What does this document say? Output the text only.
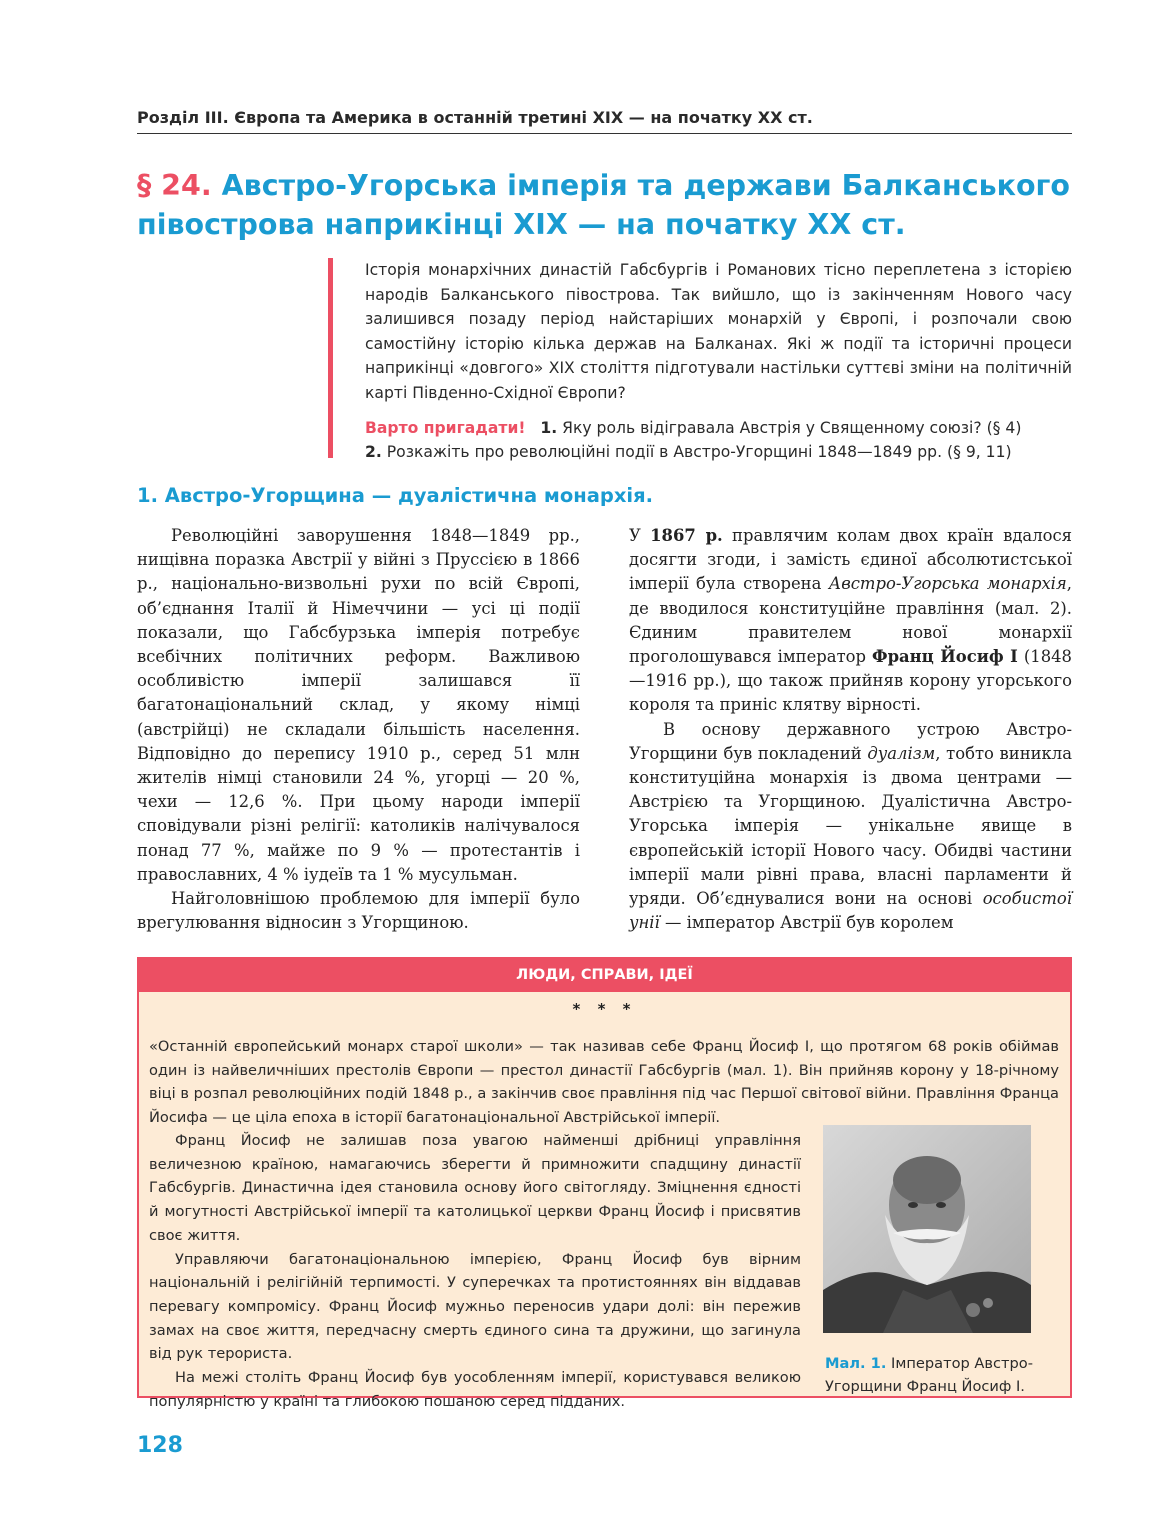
Розділ ІІІ. Європа та Америка в останній третині ХІХ — на початку ХХ ст.
§ 24. Австро-Угорська імперія та держави Балканського
півострова наприкінці ХІХ — на початку ХХ ст.

Історія монархічних династій Габсбургів і Романових тісно переплетена з історією народів Балканського півострова. Так вийшло, що із закінченням Нового часу залишився позаду період найстаріших монархій у Європі, і розпочали свою самостійну історію кілька держав на Балканах. Які ж події та історичні процеси наприкінці «довгого» ХІХ століття підготували настільки суттєві зміни на політичній карті Південно-Східної Європи?

Варто пригадати! 1. Яку роль відігравала Австрія у Священному союзі? (§ 4)
2. Розкажіть про революційні події в Австро-Угорщині 1848—1849 рр. (§ 9, 11)

1. Австро-Угорщина — дуалістична монархія.

Революційні заворушення 1848—1849 рр., нищівна поразка Австрії у війні з Пруссією в 1866 р., національно-визвольні рухи по всій Європі, об’єднання Італії й Німеччини — усі ці події показали, що Габсбурзька імперія потребує всебічних політичних реформ. Важливою особливістю імперії залишався її багатонаціональний склад, у якому німці (австрійці) не складали більшість населення. Відповідно до перепису 1910 р., серед 51 млн жителів німці становили 24 %, угорці — 20 %, чехи — 12,6 %. При цьому народи імперії сповідували різні релігії: католиків налічувалося понад 77 %, майже по 9 % — протестантів і православних, 4 % іудеїв та 1 % мусульман.

Найголовнішою проблемою для імперії було врегулювання відносин з Угорщиною.

У 1867 р. правлячим колам двох країн вдалося досягти згоди, і замість єдиної абсолютистської імперії була створена Австро-Угорська монархія, де вводилося конституційне правління (мал. 2). Єдиним правителем нової монархії проголошувався імператор Франц Йосиф І (1848—1916 рр.), що також прийняв корону угорського короля та приніс клятву вірності.

В основу державного устрою Австро-Угорщини був покладений дуалізм, тобто виникла конституційна монархія із двома центрами — Австрією та Угорщиною. Дуалістична Австро-Угорська імперія — унікальне явище в європейській історії Нового часу. Обидві частини імперії мали рівні права, власні парламенти й уряди. Об’єднувалися вони на основі особистої унії — імператор Австрії був королем

ЛЮДИ, СПРАВИ, ІДЕЇ
* * *

«Останній європейський монарх старої школи» — так називав себе Франц Йосиф І, що протягом 68 років обіймав один із найвеличніших престолів Європи — престол династії Габсбургів (мал. 1). Він прийняв корону у 18-річному віці в розпал революційних подій 1848 р., а закінчив своє правління під час Першої світової війни. Правління Франца Йосифа — це ціла епоха в історії багатонаціональної Австрійської імперії.

Франц Йосиф не залишав поза увагою найменші дрібниці управління величезною країною, намагаючись зберегти й примножити спадщину династії Габсбургів. Династична ідея становила основу його світогляду. Зміцнення єдності й могутності Австрійської імперії та католицької церкви Франц Йосиф і присвятив своє життя.

Управляючи багатонаціональною імперією, Франц Йосиф був вірним національній і релігійній терпимості. У суперечках та протистояннях він віддавав перевагу компромісу. Франц Йосиф мужньо переносив удари долі: він пережив замах на своє життя, передчасну смерть єдиного сина та дружини, що загинула від рук терориста.

На межі століть Франц Йосиф був уособленням імперії, користувався великою популярністю у країні та глибокою пошаною серед підданих.

Мал. 1. Імператор Австро-Угорщини Франц Йосиф І.
128
